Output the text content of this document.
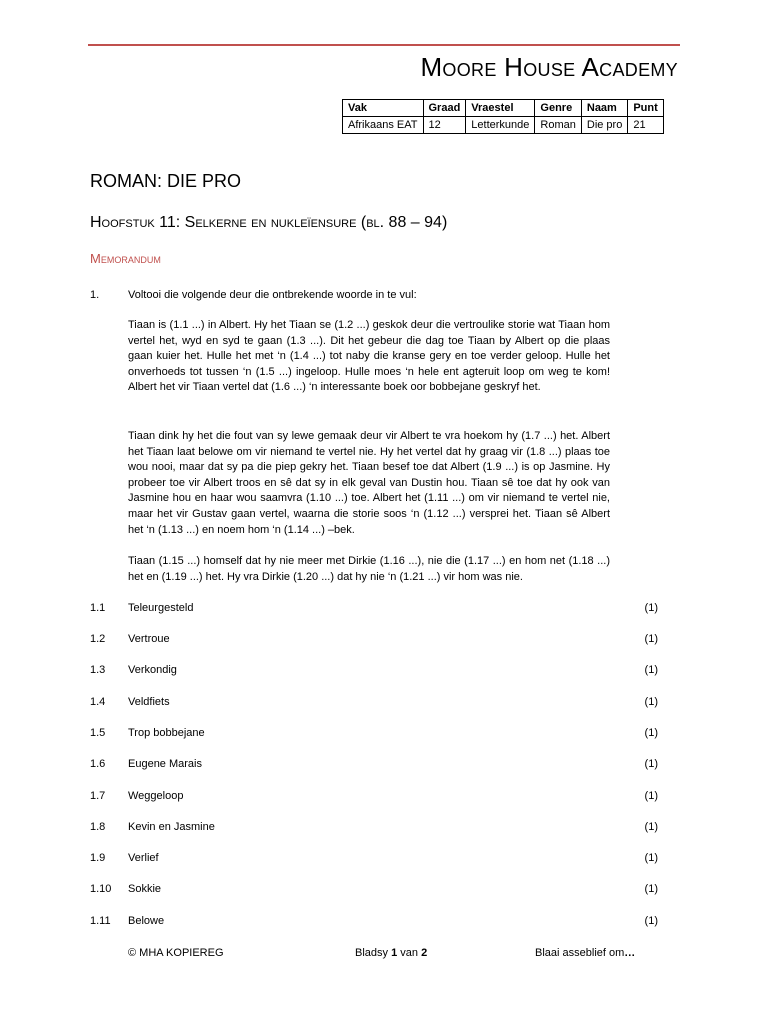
Moore House Academy
Vak	Graad	Vraestel	Genre	Naam	Punt
Afrikaans EAT	12	Letterkunde	Roman	Die pro	21
ROMAN: DIE PRO
Hoofstuk 11: Selkerne en nukleïensure (bl. 88 – 94)
Memorandum
1.	Voltooi die volgende deur die ontbrekende woorde in te vul:
Tiaan is (1.1 ...) in Albert. Hy het Tiaan se (1.2 ...) geskok deur die vertroulike storie wat Tiaan hom vertel het, wyd en syd te gaan (1.3 ...). Dit het gebeur die dag toe Tiaan by Albert op die plaas gaan kuier het. Hulle het met ‘n (1.4 ...) tot naby die kranse gery en toe verder geloop. Hulle het onverhoeds tot tussen ‘n (1.5 ...) ingeloop. Hulle moes ‘n hele ent agteruit loop om weg te kom! Albert het vir Tiaan vertel dat (1.6 ...) ‘n interessante boek oor bobbejane geskryf het.
Tiaan dink hy het die fout van sy lewe gemaak deur vir Albert te vra hoekom hy (1.7 ...) het. Albert het Tiaan laat belowe om vir niemand te vertel nie. Hy het vertel dat hy graag vir (1.8 ...) plaas toe wou nooi, maar dat sy pa die piep gekry het. Tiaan besef toe dat Albert (1.9 ...) is op Jasmine. Hy probeer toe vir Albert troos en sê dat sy in elk geval van Dustin hou. Tiaan sê toe dat hy ook van Jasmine hou en haar wou saamvra (1.10 ...) toe. Albert het (1.11 ...) om vir niemand te vertel nie, maar het vir Gustav gaan vertel, waarna die storie soos ‘n (1.12 ...) versprei het. Tiaan sê Albert het ‘n (1.13 ...) en noem hom ‘n (1.14 ...) –bek.
Tiaan (1.15 ...) homself dat hy nie meer met Dirkie (1.16 ...), nie die (1.17 ...) en hom net (1.18 ...) het en (1.19 ...) het. Hy vra Dirkie (1.20 ...) dat hy nie ‘n (1.21 ...) vir hom was nie.
1.1 Teleurgesteld	(1)
1.2 Vertroue	(1)
1.3 Verkondig	(1)
1.4 Veldfiets	(1)
1.5 Trop bobbejane	(1)
1.6 Eugene Marais	(1)
1.7 Weggeloop	(1)
1.8 Kevin en Jasmine	(1)
1.9 Verlief	(1)
1.10 Sokkie	(1)
1.11 Belowe	(1)
© MHA KOPIEREG	Bladsy 1 van 2	Blaai asseblief om…
